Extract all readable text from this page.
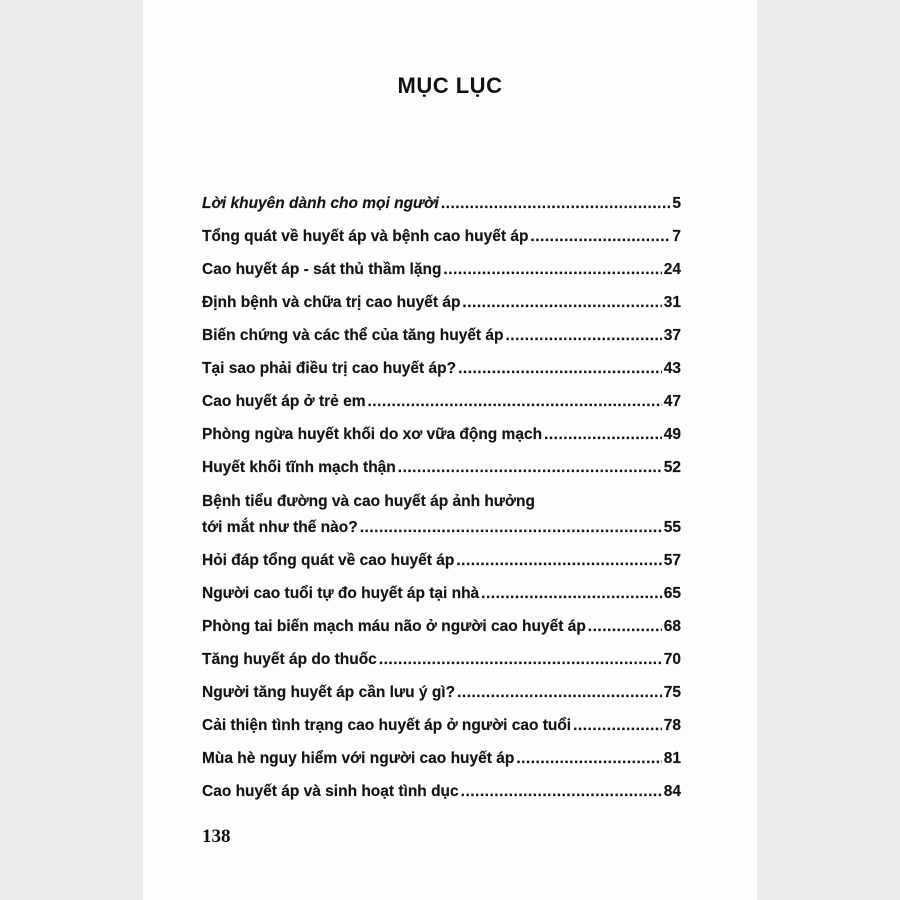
MỤC LỤC
Lời khuyên dành cho mọi người .....	5
Tổng quát về huyết áp và bệnh cao huyết áp .....	7
Cao huyết áp - sát thủ thầm lặng .....	24
Định bệnh và chữa trị cao huyết áp .....	31
Biến chứng và các thể của tăng huyết áp .....	37
Tại sao phải điều trị cao huyết áp? .....	43
Cao huyết áp ở trẻ em .....	47
Phòng ngừa huyết khối do xơ vữa động mạch .....	49
Huyết khối tĩnh mạch thận .....	52
Bệnh tiểu đường và cao huyết áp ảnh hưởng
tới mắt như thế nào? .....	55
Hỏi đáp tổng quát về cao huyết áp .....	57
Người cao tuổi tự đo huyết áp tại nhà .....	65
Phòng tai biến mạch máu não ở người cao huyết áp .....	68
Tăng huyết áp do thuốc .....	70
Người tăng huyết áp cần lưu ý gì? .....	75
Cải thiện tình trạng cao huyết áp ở người cao tuổi .....	78
Mùa hè nguy hiểm với người cao huyết áp .....	81
Cao huyết áp và sinh hoạt tình dục .....	84
138
